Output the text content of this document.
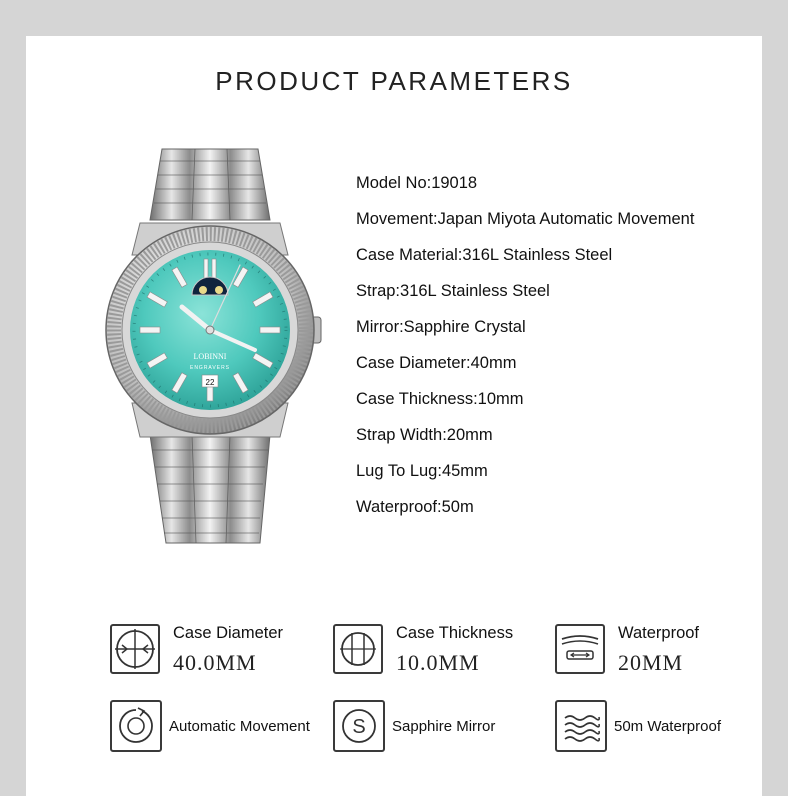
PRODUCT PARAMETERS
LOBINNI
ENGRAVERS
22
Model No:19018
Movement:Japan Miyota Automatic Movement
Case Material:316L Stainless Steel
Strap:316L Stainless Steel
Mirror:Sapphire Crystal
Case Diameter:40mm
Case Thickness:10mm
Strap Width:20mm
Lug To Lug:45mm
Waterproof:50m
Case Diameter
40.0MM
Case Thickness
10.0MM
Waterproof
20MM
Automatic Movement S Sapphire Mirror	50m Waterproof
